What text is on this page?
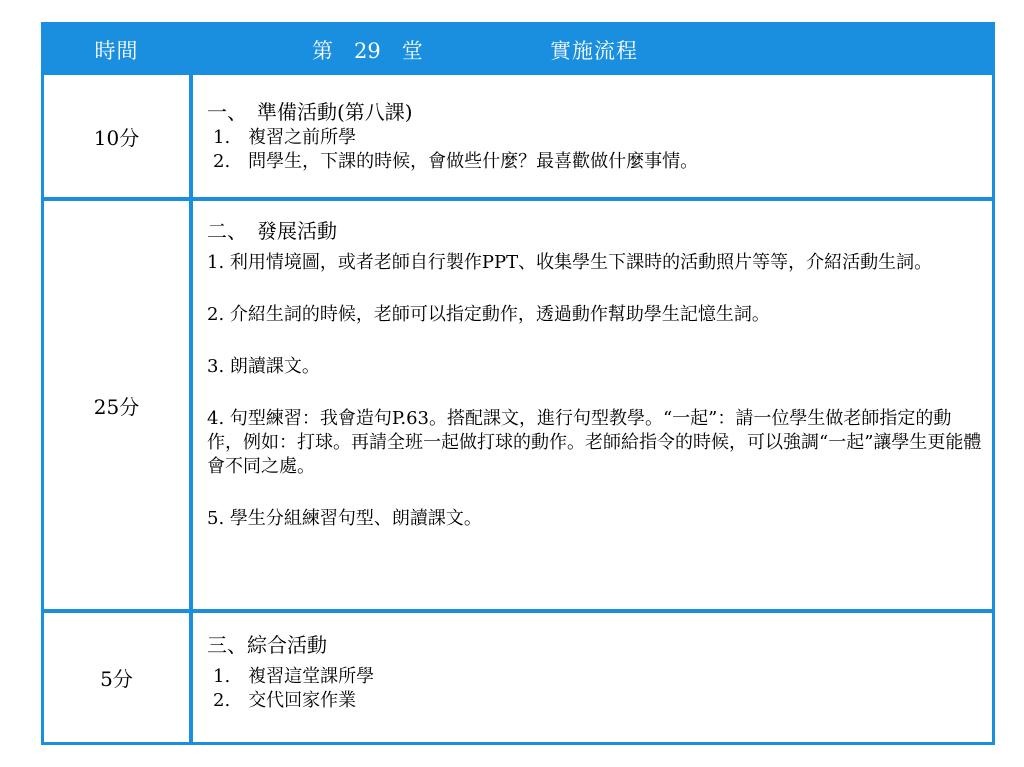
時間	第　29　堂	實施流程
10分
一、　準備活動(第八課)
1.　複習之前所學
2.　問學生，下課的時候，會做些什麼？最喜歡做什麼事情。
25分
二、　發展活動
1. 利用情境圖，或者老師自行製作PPT、收集學生下課時的活動照片等等，介紹活動生詞。
2. 介紹生詞的時候，老師可以指定動作，透過動作幫助學生記憶生詞。
3. 朗讀課文。
4. 句型練習：我會造句P.63。搭配課文，進行句型教學。“一起”：請一位學生做老師指定的動作，例如：打球。再請全班一起做打球的動作。老師給指令的時候，可以強調“一起”讓學生更能體會不同之處。
5. 學生分組練習句型、朗讀課文。
5分
三、綜合活動
1.　複習這堂課所學
2.　交代回家作業
